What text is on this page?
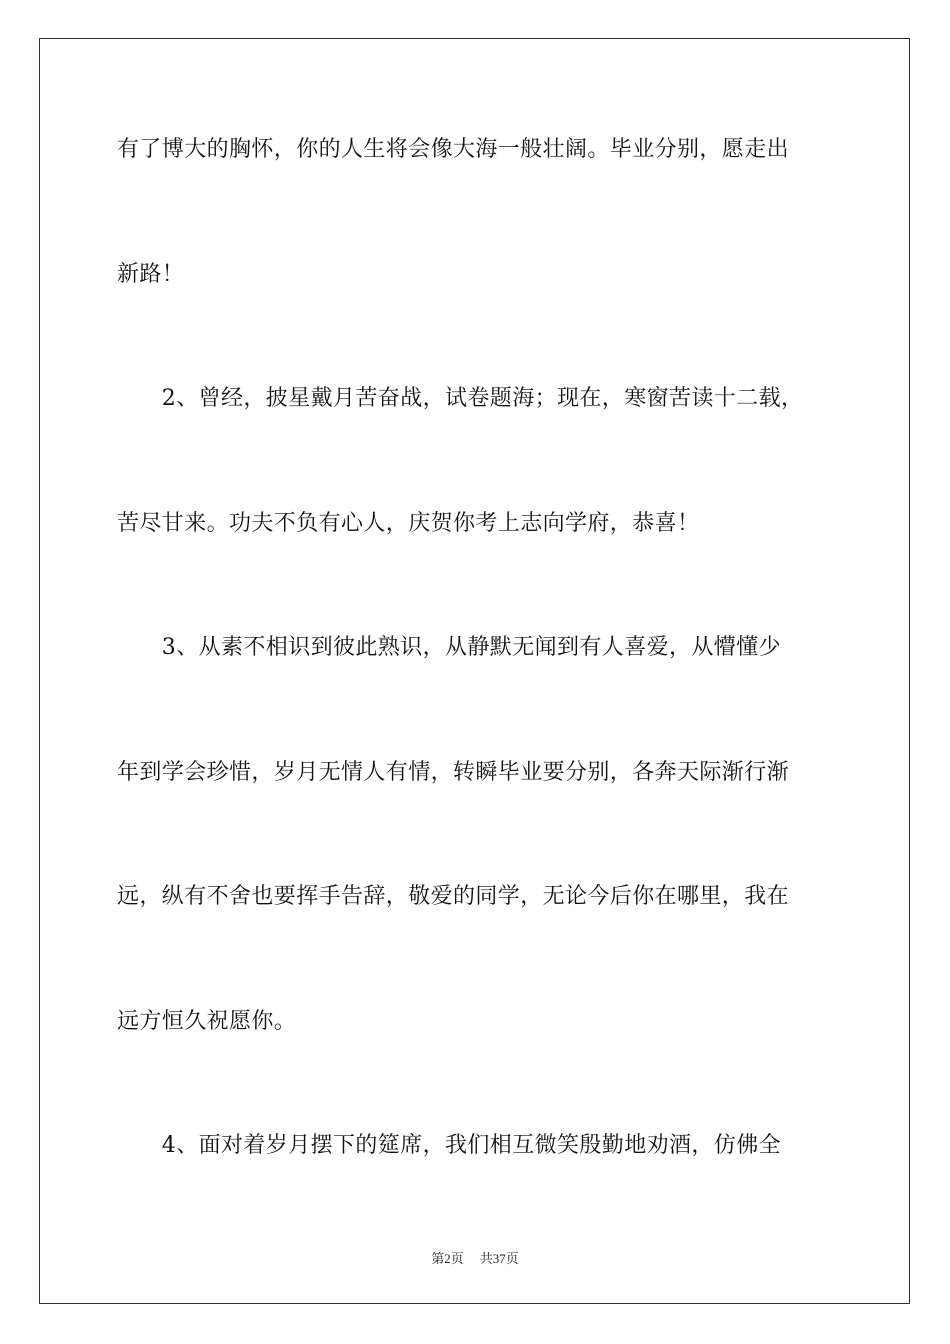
有了博大的胸怀，你的人生将会像大海一般壮阔。毕业分别，愿走出
新路！
　　2、曾经，披星戴月苦奋战，试卷题海；现在，寒窗苦读十二载，
苦尽甘来。功夫不负有心人，庆贺你考上志向学府，恭喜！
　　3、从素不相识到彼此熟识，从静默无闻到有人喜爱，从懵懂少
年到学会珍惜，岁月无情人有情，转瞬毕业要分别，各奔天际渐行渐
远，纵有不舍也要挥手告辞，敬爱的同学，无论今后你在哪里，我在
远方恒久祝愿你。
　　4、面对着岁月摆下的筵席，我们相互微笑殷勤地劝酒，仿佛全
第2页 共37页
